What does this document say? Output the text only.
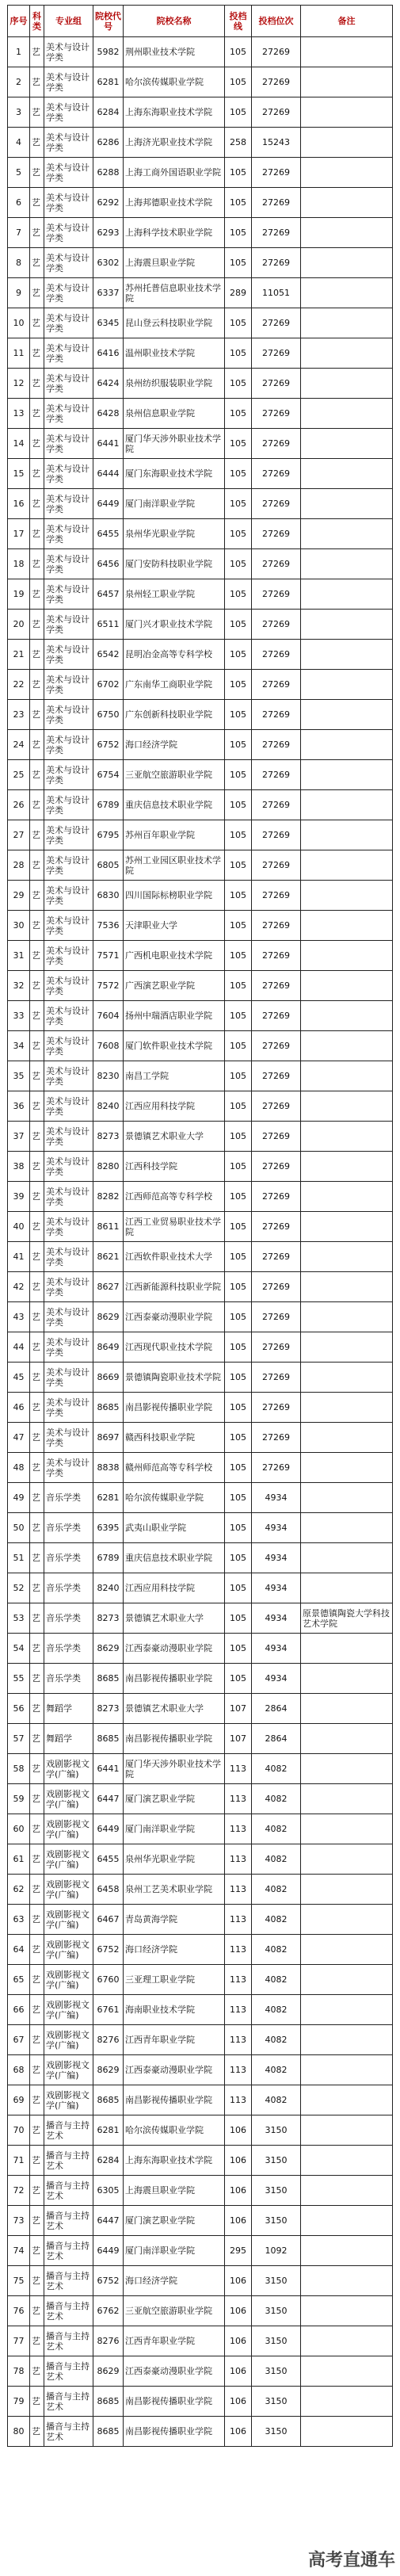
序号	科类	专业组	院校代号	院校名称	投档线	投档位次	备注
1	艺	美术与设计学类	5982	荆州职业技术学院	105	27269	
2	艺	美术与设计学类	6281	哈尔滨传媒职业学院	105	27269	
3	艺	美术与设计学类	6284	上海东海职业技术学院	105	27269	
4	艺	美术与设计学类	6286	上海济光职业技术学院	258	15243	
5	艺	美术与设计学类	6288	上海工商外国语职业学院	105	27269	
6	艺	美术与设计学类	6292	上海邦德职业技术学院	105	27269	
7	艺	美术与设计学类	6293	上海科学技术职业学院	105	27269	
8	艺	美术与设计学类	6302	上海震旦职业学院	105	27269	
9	艺	美术与设计学类	6337	苏州托普信息职业技术学院	289	11051	
10	艺	美术与设计学类	6345	昆山登云科技职业学院	105	27269	
11	艺	美术与设计学类	6416	温州职业技术学院	105	27269	
12	艺	美术与设计学类	6424	泉州纺织服装职业学院	105	27269	
13	艺	美术与设计学类	6428	泉州信息职业学院	105	27269	
14	艺	美术与设计学类	6441	厦门华天涉外职业技术学院	105	27269	
15	艺	美术与设计学类	6444	厦门东海职业技术学院	105	27269	
16	艺	美术与设计学类	6449	厦门南洋职业学院	105	27269	
17	艺	美术与设计学类	6455	泉州华光职业学院	105	27269	
18	艺	美术与设计学类	6456	厦门安防科技职业学院	105	27269	
19	艺	美术与设计学类	6457	泉州轻工职业学院	105	27269	
20	艺	美术与设计学类	6511	厦门兴才职业技术学院	105	27269	
21	艺	美术与设计学类	6542	昆明冶金高等专科学校	105	27269	
22	艺	美术与设计学类	6702	广东南华工商职业学院	105	27269	
23	艺	美术与设计学类	6750	广东创新科技职业学院	105	27269	
24	艺	美术与设计学类	6752	海口经济学院	105	27269	
25	艺	美术与设计学类	6754	三亚航空旅游职业学院	105	27269	
26	艺	美术与设计学类	6789	重庆信息技术职业学院	105	27269	
27	艺	美术与设计学类	6795	苏州百年职业学院	105	27269	
28	艺	美术与设计学类	6805	苏州工业园区职业技术学院	105	27269	
29	艺	美术与设计学类	6830	四川国际标榜职业学院	105	27269	
30	艺	美术与设计学类	7536	天津职业大学	105	27269	
31	艺	美术与设计学类	7571	广西机电职业技术学院	105	27269	
32	艺	美术与设计学类	7572	广西演艺职业学院	105	27269	
33	艺	美术与设计学类	7604	扬州中瑞酒店职业学院	105	27269	
34	艺	美术与设计学类	7608	厦门软件职业技术学院	105	27269	
35	艺	美术与设计学类	8230	南昌工学院	105	27269	
36	艺	美术与设计学类	8240	江西应用科技学院	105	27269	
37	艺	美术与设计学类	8273	景德镇艺术职业大学	105	27269	
38	艺	美术与设计学类	8280	江西科技学院	105	27269	
39	艺	美术与设计学类	8282	江西师范高等专科学校	105	27269	
40	艺	美术与设计学类	8611	江西工业贸易职业技术学院	105	27269	
41	艺	美术与设计学类	8621	江西软件职业技术大学	105	27269	
42	艺	美术与设计学类	8627	江西新能源科技职业学院	105	27269	
43	艺	美术与设计学类	8629	江西泰豪动漫职业学院	105	27269	
44	艺	美术与设计学类	8649	江西现代职业技术学院	105	27269	
45	艺	美术与设计学类	8669	景德镇陶瓷职业技术学院	105	27269	
46	艺	美术与设计学类	8685	南昌影视传播职业学院	105	27269	
47	艺	美术与设计学类	8697	赣西科技职业学院	105	27269	
48	艺	美术与设计学类	8838	赣州师范高等专科学校	105	27269	
49	艺	音乐学类	6281	哈尔滨传媒职业学院	105	4934	
50	艺	音乐学类	6395	武夷山职业学院	105	4934	
51	艺	音乐学类	6789	重庆信息技术职业学院	105	4934	
52	艺	音乐学类	8240	江西应用科技学院	105	4934	
53	艺	音乐学类	8273	景德镇艺术职业大学	105	4934	原景德镇陶瓷大学科技艺术学院
54	艺	音乐学类	8629	江西泰豪动漫职业学院	105	4934	
55	艺	音乐学类	8685	南昌影视传播职业学院	105	4934	
56	艺	舞蹈学	8273	景德镇艺术职业大学	107	2864	
57	艺	舞蹈学	8685	南昌影视传播职业学院	107	2864	
58	艺	戏剧影视文学(广编)	6441	厦门华天涉外职业技术学院	113	4082	
59	艺	戏剧影视文学(广编)	6447	厦门演艺职业学院	113	4082	
60	艺	戏剧影视文学(广编)	6449	厦门南洋职业学院	113	4082	
61	艺	戏剧影视文学(广编)	6455	泉州华光职业学院	113	4082	
62	艺	戏剧影视文学(广编)	6458	泉州工艺美术职业学院	113	4082	
63	艺	戏剧影视文学(广编)	6467	青岛黄海学院	113	4082	
64	艺	戏剧影视文学(广编)	6752	海口经济学院	113	4082	
65	艺	戏剧影视文学(广编)	6760	三亚理工职业学院	113	4082	
66	艺	戏剧影视文学(广编)	6761	海南职业技术学院	113	4082	
67	艺	戏剧影视文学(广编)	8276	江西青年职业学院	113	4082	
68	艺	戏剧影视文学(广编)	8629	江西泰豪动漫职业学院	113	4082	
69	艺	戏剧影视文学(广编)	8685	南昌影视传播职业学院	113	4082	
70	艺	播音与主持艺术	6281	哈尔滨传媒职业学院	106	3150	
71	艺	播音与主持艺术	6284	上海东海职业技术学院	106	3150	
72	艺	播音与主持艺术	6305	上海震旦职业学院	106	3150	
73	艺	播音与主持艺术	6447	厦门演艺职业学院	106	3150	
74	艺	播音与主持艺术	6449	厦门南洋职业学院	295	1092	
75	艺	播音与主持艺术	6752	海口经济学院	106	3150	
76	艺	播音与主持艺术	6762	三亚航空旅游职业学院	106	3150	
77	艺	播音与主持艺术	8276	江西青年职业学院	106	3150	
78	艺	播音与主持艺术	8629	江西泰豪动漫职业学院	106	3150	
79	艺	播音与主持艺术	8685	南昌影视传播职业学院	106	3150	
80	艺	播音与主持艺术	8685	南昌影视传播职业学院	106	3150	
高考直通车
